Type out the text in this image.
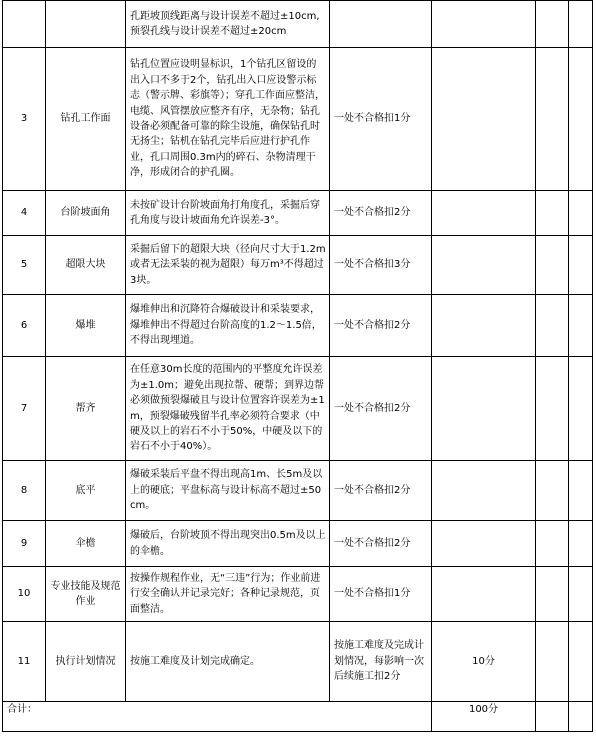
		孔距坡顶线距离与设计误差不超过±10cm,预裂孔线与设计误差不超过±20cm				
3	钻孔工作面	钻孔位置应设明显标识，1个钻孔区留设的出入口不多于2个，钻孔出入口应设警示标志（警示牌、彩旗等）；穿孔工作面应整洁，电缆、风管摆放应整齐有序，无杂物；钻孔设备必须配备可靠的除尘设施，确保钻孔时无扬尘；钻机在钻孔完毕后应进行护孔作业，孔口周围0.3m内的碎石、杂物清理干净，形成闭合的护孔圈。	一处不合格扣1分			
4	台阶坡面角	未按矿设计台阶坡面角打角度孔，采掘后穿孔角度与设计坡面角允许误差-3°。	一处不合格扣2分			
5	超限大块	采掘后留下的超限大块（径向尺寸大于1.2m或者无法采装的视为超限）每万m³不得超过3块。	一处不合格扣3分			
6	爆堆	爆堆伸出和沉降符合爆破设计和采装要求，爆堆伸出不得超过台阶高度的1.2～1.5倍，不得出现埋道。	一处不合格扣2分			
7	帮齐	在任意30m长度的范围内的平整度允许误差为±1.0m；避免出现拉帮、硬帮；到界边帮必须做预裂爆破且与设计位置容许误差为±1m，预裂爆破残留半孔率必须符合要求（中硬及以上的岩石不小于50%，中硬及以下的岩石不小于40%）。	一处不合格扣2分			
8	底平	爆破采装后平盘不得出现高1m、长5m及以上的硬底；平盘标高与设计标高不超过±50cm。	一处不合格扣2分			
9	伞檐	爆破后，台阶坡顶不得出现突出0.5m及以上的伞檐。	一处不合格扣2分			
10	专业技能及规范作业	按操作规程作业，无“三违”行为；作业前进行安全确认并记录完好；各种记录规范，页面整洁。	一处不合格扣1分			
11	执行计划情况	按施工难度及计划完成确定。	按施工难度及完成计划情况，每影响一次后续施工扣2分	10分		
合计：				100分		
